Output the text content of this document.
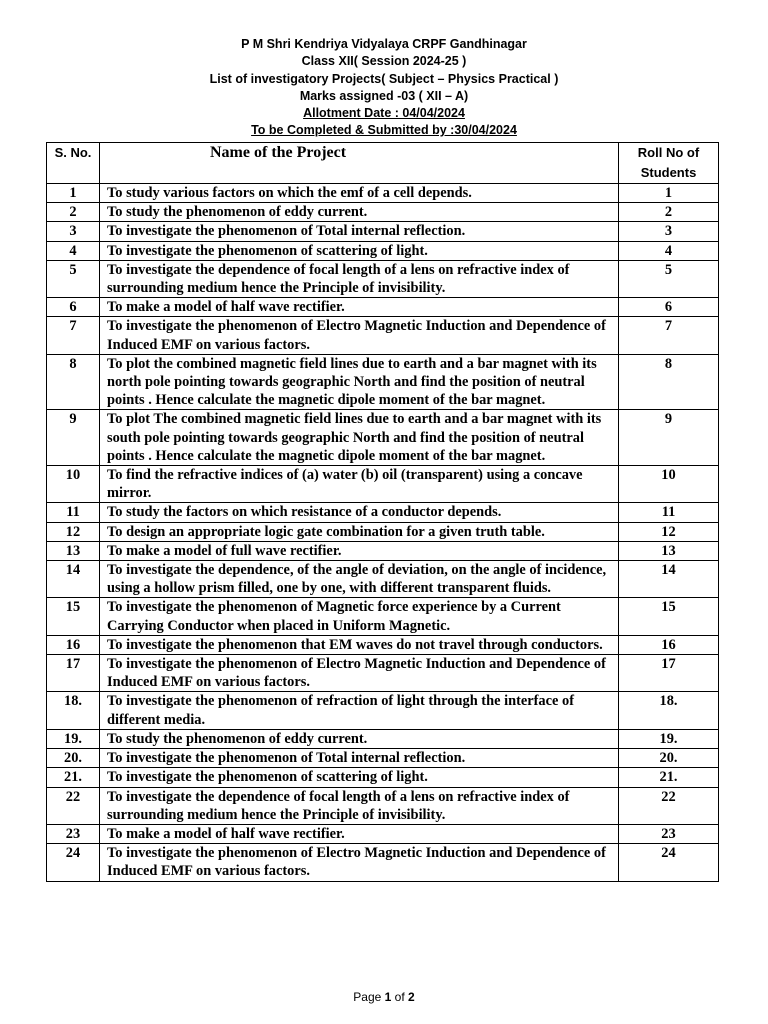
P M Shri Kendriya Vidyalaya CRPF Gandhinagar
Class XII( Session 2024-25 )
List of investigatory Projects( Subject – Physics Practical )
Marks assigned -03 ( XII – A)
Allotment Date : 04/04/2024
To be Completed & Submitted by :30/04/2024
S. No.	Name of the Project	Roll No of Students
1	To study various factors on which the emf of a cell depends.	1
2	To study the phenomenon of eddy current.	2
3	To investigate the phenomenon of Total internal reflection.	3
4	To investigate the phenomenon of scattering of light.	4
5	To investigate the dependence of focal length of a lens on refractive index of surrounding medium hence the Principle of invisibility.	5
6	To make a model of half wave rectifier.	6
7	To investigate the phenomenon of Electro Magnetic Induction and Dependence of Induced EMF on various factors.	7
8	To plot the combined magnetic field lines due to earth and a bar magnet with its north pole pointing towards geographic North and find the position of neutral points . Hence calculate the magnetic dipole moment of the bar magnet.	8
9	To plot The combined magnetic field lines due to earth and a bar magnet with its south pole pointing towards geographic North and find the position of neutral points . Hence calculate the magnetic dipole moment of the bar magnet.	9
10	To find the refractive indices of (a) water (b) oil (transparent) using a concave mirror.	10
11	To study the factors on which resistance of a conductor depends.	11
12	To design an appropriate logic gate combination for a given truth table.	12
13	To make a model of full wave rectifier.	13
14	To investigate the dependence, of the angle of deviation, on the angle of incidence, using a hollow prism filled, one by one, with different transparent fluids.	14
15	To investigate the phenomenon of Magnetic force experience by a Current Carrying Conductor when placed in Uniform Magnetic.	15
16	To investigate the phenomenon that EM waves do not travel through conductors.	16
17	To investigate the phenomenon of Electro Magnetic Induction and Dependence of Induced EMF on various factors.	17
18.	To investigate the phenomenon of refraction of light through the interface of different media.	18.
19.	To study the phenomenon of eddy current.	19.
20.	To investigate the phenomenon of Total internal reflection.	20.
21.	To investigate the phenomenon of scattering of light.	21.
22	To investigate the dependence of focal length of a lens on refractive index of surrounding medium hence the Principle of invisibility.	22
23	To make a model of half wave rectifier.	23
24	To investigate the phenomenon of Electro Magnetic Induction and Dependence of Induced EMF on various factors.	24
Page 1 of 2
